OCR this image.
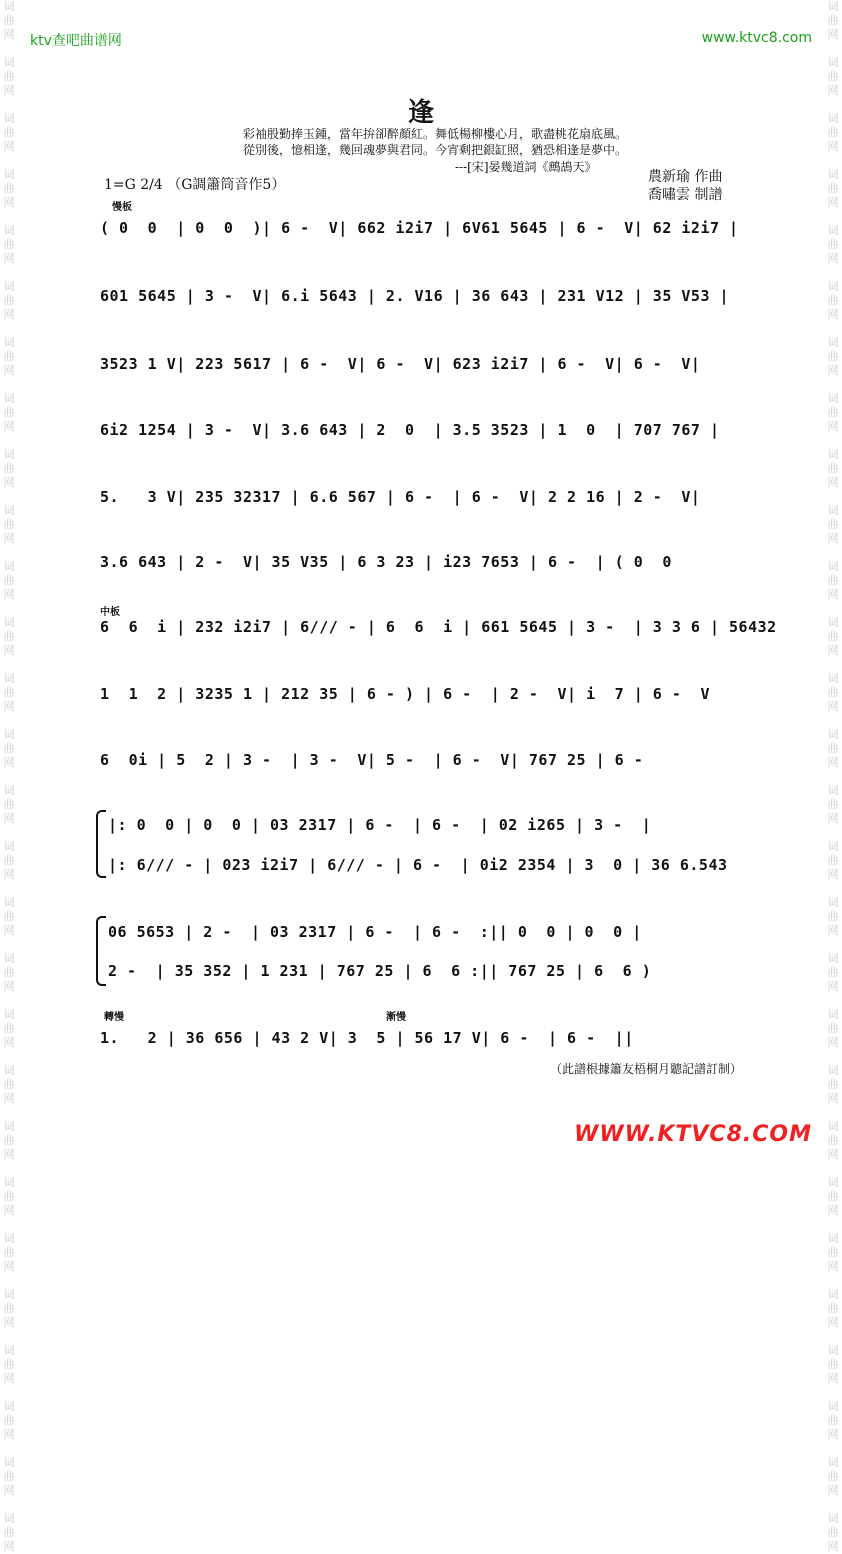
词
曲
网

词
曲
网

词
曲
网

词
曲
网

词
曲
网

词
曲
网

词
曲
网

词
曲
网

词
曲
网

词
曲
网

词
曲
网

词
曲
网

词
曲
网

词
曲
网

词
曲
网

词
曲
网

词
曲
网

词
曲
网

词
曲
网

词
曲
网

词
曲
网

词
曲
网

词
曲
网

词
曲
网

词
曲
网

词
曲
网

词
曲
网

词
曲
网

词
曲
网

词
曲
网

词
曲
网

词
曲
网

词
曲
网

词
曲
网

词
曲
网

词
曲
网

词
曲
网

词
曲
网

词
曲
网

词
曲
网

词
曲
网

词
曲
网

词
曲
网

词
曲
网

词
曲
网

词
曲
网

词
曲
网

词
曲
网

词
曲
网

词
曲
网

词
曲
网

词
曲
网

词
曲
网

词
曲
网

词
曲
网

词
曲
网

ktv查吧曲谱网	www.ktvc8.com
逢
彩袖殷勤捧玉鍾，當年拚卻醉顏紅。舞低楊柳樓心月，歌盡桃花扇底風。
從別後，憶相逢，幾回魂夢與君同。今宵剩把銀缸照，猶恐相逢是夢中。
---[宋]晏幾道詞《鷓鴣天》
1=G 2/4 （G調簫筒音作5）	農新瑜 作曲
喬嘯雲 制譜
慢板
中板
轉慢	漸慢
( 0  0  | 0  0  )| 6 -  V| 662 i2i7 | 6V61 5645 | 6 -  V| 62 i2i7 |
601 5645 | 3 -  V| 6.i 5643 | 2. V16 | 36 643 | 231 V12 | 35 V53 |
3523 1 V| 223 5617 | 6 -  V| 6 -  V| 623 i2i7 | 6 -  V| 6 -  V|
6i2 1254 | 3 -  V| 3.6 643 | 2  0  | 3.5 3523 | 1  0  | 707 767 |
5.   3 V| 235 32317 | 6.6 567 | 6 -  | 6 -  V| 2 2 16 | 2 -  V|
3.6 643 | 2 -  V| 35 V35 | 6 3 23 | i23 7653 | 6 -  | ( 0  0
6  6  i | 232 i2i7 | 6/// - | 6  6  i | 661 5645 | 3 -  | 3 3 6 | 56432
1  1  2 | 3235 1 | 212 35 | 6 - ) | 6 -  | 2 -  V| i  7 | 6 -  V
6  0i | 5  2 | 3 -  | 3 -  V| 5 -  | 6 -  V| 767 25 | 6 -
|: 0  0 | 0  0 | 03 2317 | 6 -  | 6 -  | 02 i265 | 3 -  |
|: 6/// - | 023 i2i7 | 6/// - | 6 -  | 0i2 2354 | 3  0 | 36 6.543
06 5653 | 2 -  | 03 2317 | 6 -  | 6 -  :|| 0  0 | 0  0 |
2 -  | 35 352 | 1 231 | 767 25 | 6  6 :|| 767 25 | 6  6 )
1.   2 | 36 656 | 43 2 V| 3  5 | 56 17 V| 6 -  | 6 -  ||
（此譜根據簫友梧桐月聽記譜訂制）
WWW.KTVC8.COM
